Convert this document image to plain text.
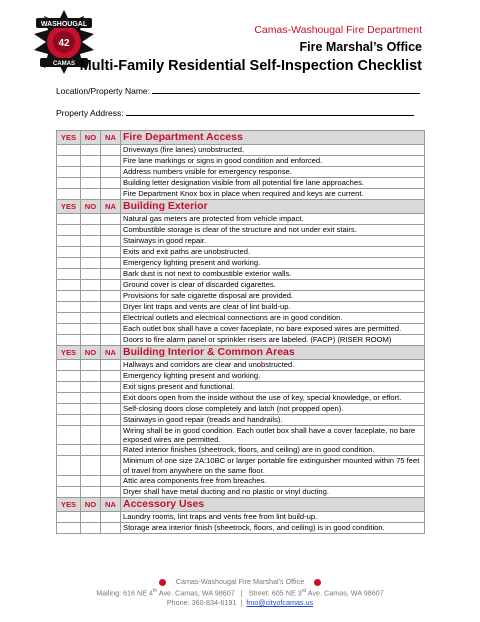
42
WASHOUGAL
CAMAS
Camas-Washougal Fire Department
Fire Marshal’s Office
Multi-Family Residential Self-Inspection Checklist
Location/Property Name:
Property Address:
YES	NO	NA	Fire Department Access
			Driveways (fire lanes) unobstructed.
			Fire lane markings or signs in good condition and enforced.
			Address numbers visible for emergency response.
			Building letter designation visible from all potential fire lane approaches.
			Fire Department Knox box in place when required and keys are current.
YES	NO	NA	Building Exterior
			Natural gas meters are protected from vehicle impact.
			Combustible storage is clear of the structure and not under exit stairs.
			Stairways in good repair.
			Exits and exit paths are unobstructed.
			Emergency lighting present and working.
			Bark dust is not next to combustible exterior walls.
			Ground cover is clear of discarded cigarettes.
			Provisions for safe cigarette disposal are provided.
			Dryer lint traps and vents are clear of lint build-up.
			Electrical outlets and electrical connections are in good condition.
			Each outlet box shall have a cover faceplate, no bare exposed wires are permitted.
			Doors to fire alarm panel or sprinkler risers are labeled. (FACP) (RISER ROOM)
YES	NO	NA	Building Interior & Common Areas
			Hallways and corridors are clear and unobstructed.
			Emergency lighting present and working.
			Exit signs present and functional.
			Exit doors open from the inside without the use of key, special knowledge, or effort.
			Self-closing doors close completely and latch (not propped open).
			Stairways in good repair (treads and handrails).
			Wiring shall be in good condition. Each outlet box shall have a cover faceplate, no bare exposed wires are permitted.
			Rated interior finishes (sheetrock, floors, and ceiling) are in good condition.
			Minimum of one size 2A:10BC or larger portable fire extinguisher mounted within 75 feet of travel from anywhere on the same floor.
			Attic area components free from breaches.
			Dryer shall have metal ducting and no plastic or vinyl ducting.
YES	NO	NA	Accessory Uses
			Laundry rooms, lint traps and vents free from lint build-up.
			Storage area interior finish (sheetrock, floors, and ceiling) is in good condition.
Camas-Washougal Fire Marshal’s Office
Mailing: 616 NE 4th Ave. Camas, WA 98607 | Street: 605 NE 3rd Ave. Camas, WA 98607
Phone: 360-834-6191 | fmo@cityofcamas.us
